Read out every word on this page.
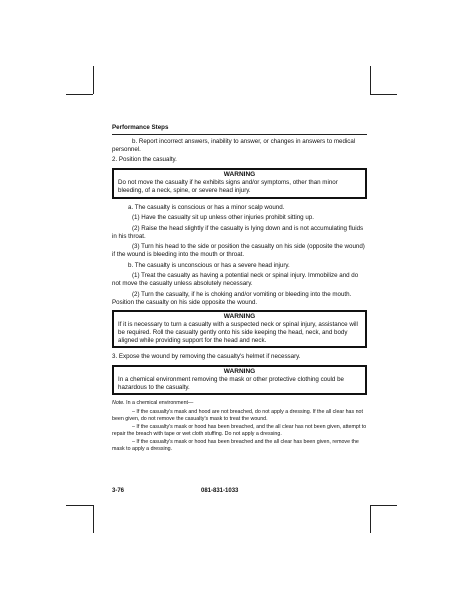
Performance Steps

b. Report incorrect answers, inability to answer, or changes in answers to medical personnel.

2. Position the casualty.

WARNING

Do not move the casualty if he exhibits signs and/or symptoms, other than minor bleeding, of a neck, spine, or severe head injury.

a. The casualty is conscious or has a minor scalp wound.

(1) Have the casualty sit up unless other injuries prohibit sitting up.

(2) Raise the head slightly if the casualty is lying down and is not accumulating fluids in his throat.

(3) Turn his head to the side or position the casualty on his side (opposite the wound) if the wound is bleeding into the mouth or throat.

b. The casualty is unconscious or has a severe head injury.

(1) Treat the casualty as having a potential neck or spinal injury. Immobilize and do not move the casualty unless absolutely necessary.

(2) Turn the casualty, if he is choking and/or vomiting or bleeding into the mouth. Position the casualty on his side opposite the wound.

WARNING

If it is necessary to turn a casualty with a suspected neck or spinal injury, assistance will be required. Roll the casualty gently onto his side keeping the head, neck, and body aligned while providing support for the head and neck.

3. Expose the wound by removing the casualty's helmet if necessary.

WARNING

In a chemical environment removing the mask or other protective clothing could be hazardous to the casualty.

Note. In a chemical environment—

– If the casualty's mask and hood are not breached, do not apply a dressing. If the all clear has not been given, do not remove the casualty's mask to treat the wound.

– If the casualty's mask or hood has been breached, and the all clear has not been given, attempt to repair the breach with tape or wet cloth stuffing. Do not apply a dressing.

– If the casualty's mask or hood has been breached and the all clear has been given, remove the mask to apply a dressing.

3-76	081-831-1033
